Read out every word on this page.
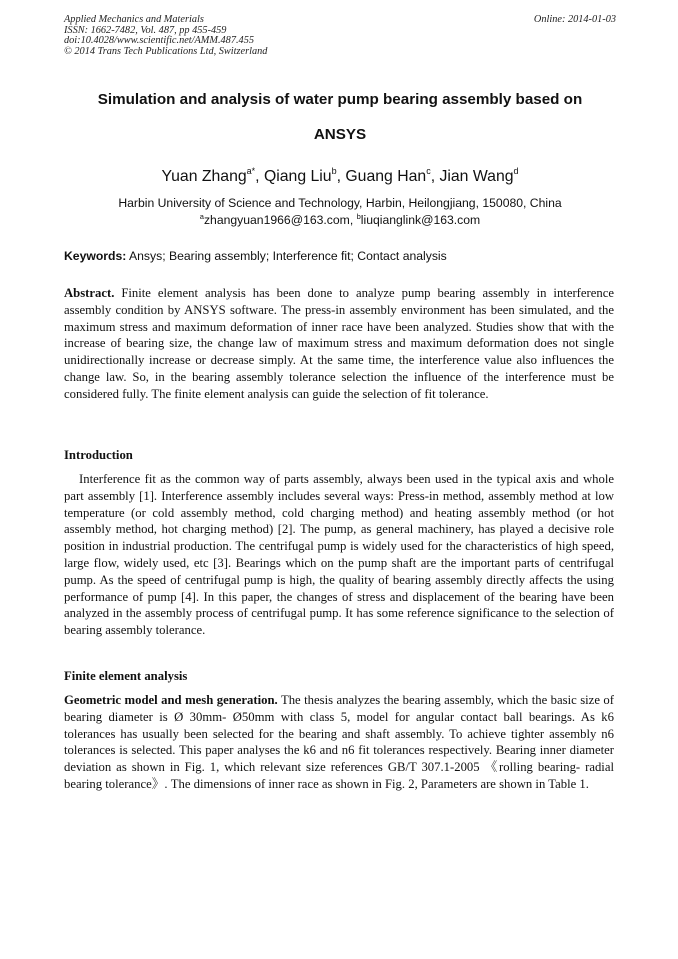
Applied Mechanics and Materials
ISSN: 1662-7482, Vol. 487, pp 455-459
doi:10.4028/www.scientific.net/AMM.487.455
© 2014 Trans Tech Publications Ltd, Switzerland
Online: 2014-01-03
Simulation and analysis of water pump bearing assembly based on
ANSYS
Yuan Zhang$^{a*}$, Qiang Liu$^b$, Guang Han$^c$, Jian Wang$^d$
Harbin University of Science and Technology, Harbin, Heilongjiang, 150080, China
$^a$zhangyuan1966@163.com, $^b$liuqianglink@163.com
Keywords: Ansys; Bearing assembly; Interference fit; Contact analysis
Abstract. Finite element analysis has been done to analyze pump bearing assembly in interference assembly condition by ANSYS software. The press-in assembly environment has been simulated, and the maximum stress and maximum deformation of inner race have been analyzed. Studies show that with the increase of bearing size, the change law of maximum stress and maximum deformation does not single unidirectionally increase or decrease simply. At the same time, the interference value also influences the change law. So, in the bearing assembly tolerance selection the influence of the interference must be considered fully. The finite element analysis can guide the selection of fit tolerance.
Introduction
Interference fit as the common way of parts assembly, always been used in the typical axis and whole part assembly [1]. Interference assembly includes several ways: Press-in method, assembly method at low temperature (or cold assembly method, cold charging method) and heating assembly method (or hot assembly method, hot charging method) [2]. The pump, as general machinery, has played a decisive role position in industrial production. The centrifugal pump is widely used for the characteristics of high speed, large flow, widely used, etc [3]. Bearings which on the pump shaft are the important parts of centrifugal pump. As the speed of centrifugal pump is high, the quality of bearing assembly directly affects the using performance of pump [4]. In this paper, the changes of stress and displacement of the bearing have been analyzed in the assembly process of centrifugal pump. It has some reference significance to the selection of bearing assembly tolerance.
Finite element analysis
Geometric model and mesh generation. The thesis analyzes the bearing assembly, which the basic size of bearing diameter is Ø 30mm- Ø50mm with class 5, model for angular contact ball bearings. As k6 tolerances has usually been selected for the bearing and shaft assembly. To achieve tighter assembly n6 tolerances is selected. This paper analyses the k6 and n6 fit tolerances respectively. Bearing inner diameter deviation as shown in Fig. 1, which relevant size references GB/T 307.1-2005 《rolling bearing- radial bearing tolerance》. The dimensions of inner race as shown in Fig. 2, Parameters are shown in Table 1.
